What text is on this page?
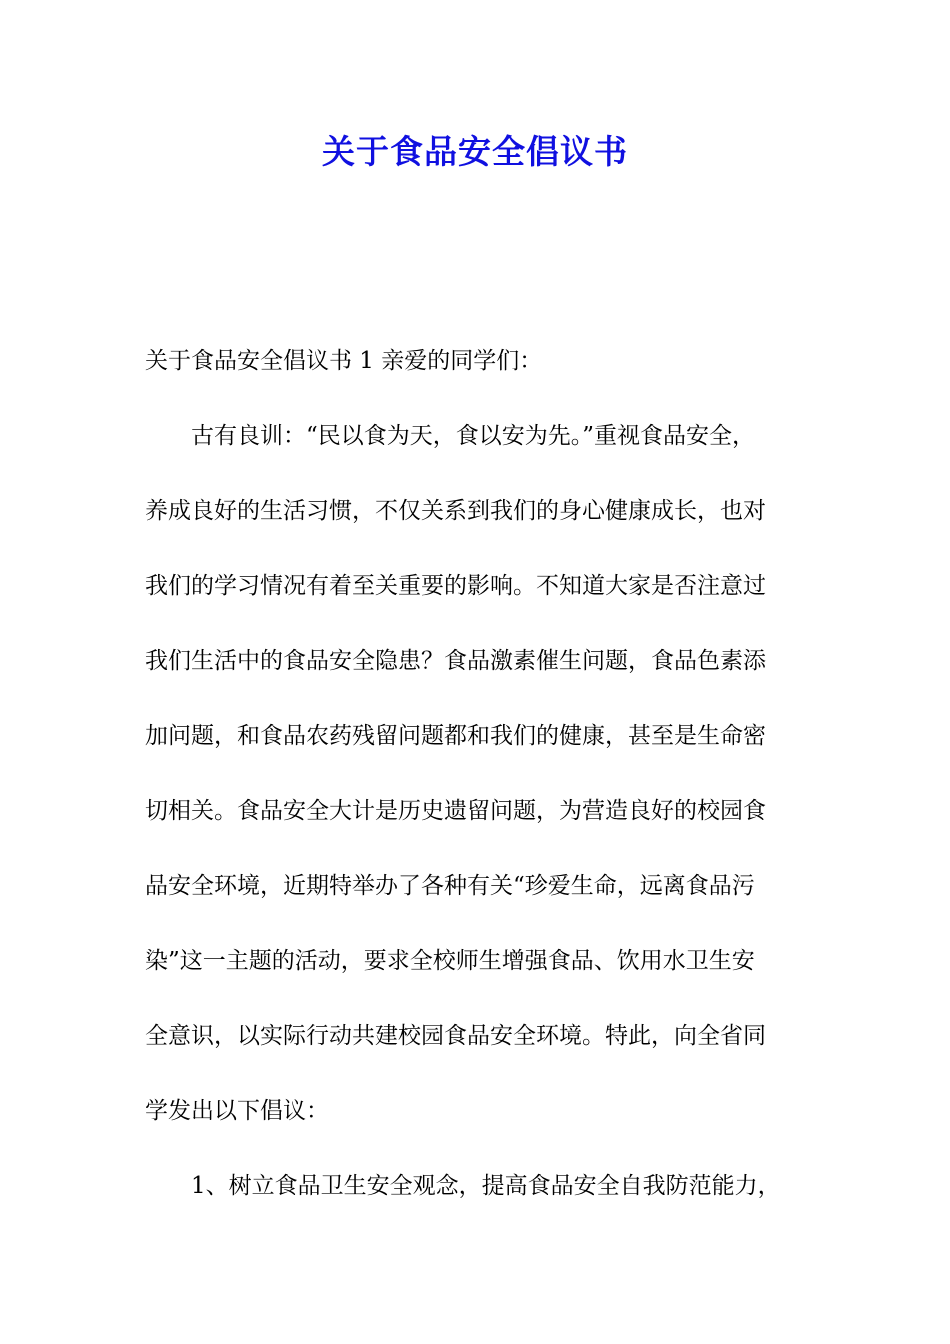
关于食品安全倡议书
关于食品安全倡议书 1 亲爱的同学们：
　　古有良训：“民以食为天，食以安为先。”重视食品安全，
养成良好的生活习惯，不仅关系到我们的身心健康成长，也对
我们的学习情况有着至关重要的影响。不知道大家是否注意过
我们生活中的食品安全隐患？食品激素催生问题，食品色素添
加问题，和食品农药残留问题都和我们的健康，甚至是生命密
切相关。食品安全大计是历史遗留问题，为营造良好的校园食
品安全环境，近期特举办了各种有关“珍爱生命，远离食品污
染”这一主题的活动，要求全校师生增强食品、饮用水卫生安
全意识，以实际行动共建校园食品安全环境。特此，向全省同
学发出以下倡议：
　　1、树立食品卫生安全观念，提高食品安全自我防范能力，
